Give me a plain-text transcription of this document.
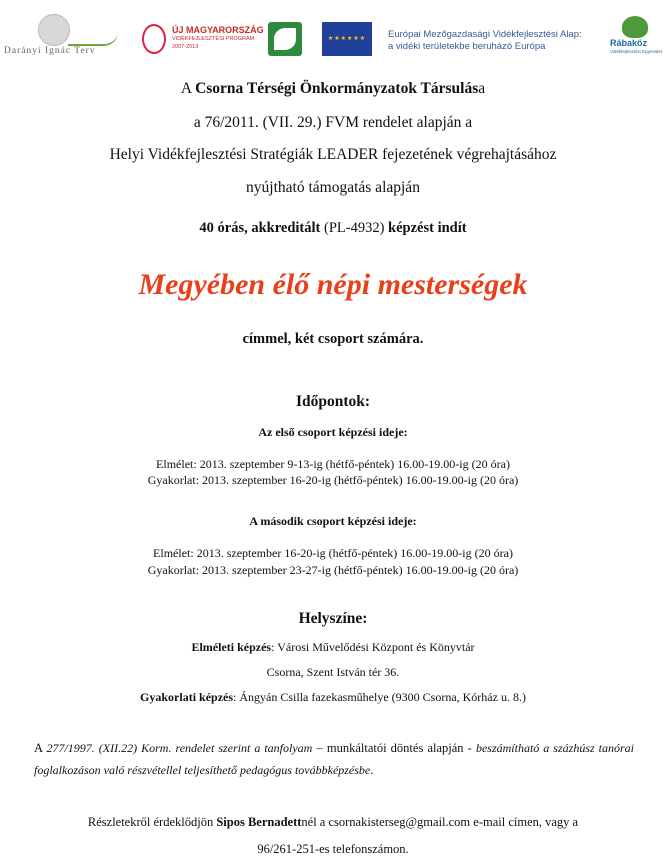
Darányi Ignác Terv
ÚJ MAGYARORSZÁG
VIDÉKFEJLESZTÉSI PROGRAM
2007-2013
★★★★★★	Európai Mezőgazdasági Vidékfejlesztési Alap:
a vidéki területekbe beruházó Európa	Rábaköz
Vidékfejlesztési Egyesület
A Csorna Térségi Önkormányzatok Társulása
a 76/2011. (VII. 29.) FVM rendelet alapján a
Helyi Vidékfejlesztési Stratégiák LEADER fejezetének végrehajtásához
nyújtható támogatás alapján
40 órás, akkreditált (PL-4932) képzést indít
Megyében élő népi mesterségek
címmel, két csoport számára.
Időpontok:
Az első csoport képzési ideje:
Elmélet: 2013. szeptember 9-13-ig (hétfő-péntek) 16.00-19.00-ig (20 óra)
Gyakorlat: 2013. szeptember 16-20-ig (hétfő-péntek) 16.00-19.00-ig (20 óra)
A második csoport képzési ideje:
Elmélet: 2013. szeptember 16-20-ig (hétfő-péntek) 16.00-19.00-ig (20 óra)
Gyakorlat: 2013. szeptember 23-27-ig (hétfő-péntek) 16.00-19.00-ig (20 óra)
Helyszíne:
Elméleti képzés: Városi Művelődési Központ és Könyvtár
Csorna, Szent István tér 36.
Gyakorlati képzés: Ángyán Csilla fazekasműhelye (9300 Csorna, Kórház u. 8.)
A 277/1997. (XII.22) Korm. rendelet szerint a tanfolyam – munkáltatói döntés alapján - beszámítható a százhúsz tanórai foglalkozáson való részvétellel teljesíthető pedagógus továbbképzésbe.
Részletekről érdeklődjön Sipos Bernadettnél a csornakisterseg@gmail.com e-mail címen, vagy a
96/261-251-es telefonszámon.
